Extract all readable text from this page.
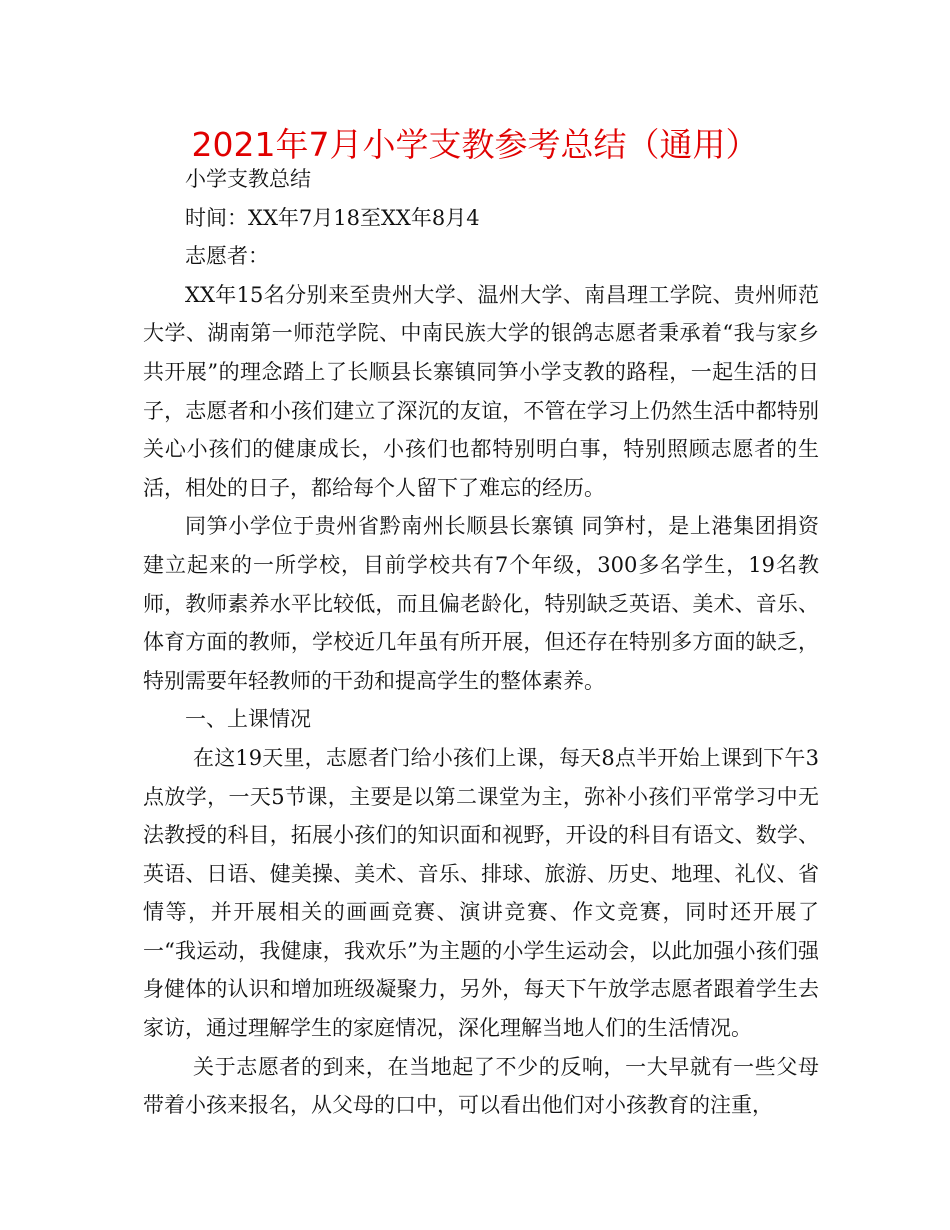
2021年7月小学支教参考总结（通用）

小学支教总结

时间：XX年7月18至XX年8月4

志愿者：

XX年15名分别来至贵州大学、温州大学、南昌理工学院、贵州师范大学、湖南第一师范学院、中南民族大学的银鸽志愿者秉承着“我与家乡共开展”的理念踏上了长顺县长寨镇同笋小学支教的路程，一起生活的日子，志愿者和小孩们建立了深沉的友谊，不管在学习上仍然生活中都特别关心小孩们的健康成长，小孩们也都特别明白事，特别照顾志愿者的生活，相处的日子，都给每个人留下了难忘的经历。

同笋小学位于贵州省黔南州长顺县长寨镇 同笋村，是上港集团捐资建立起来的一所学校，目前学校共有7个年级，300多名学生，19名教师，教师素养水平比较低，而且偏老龄化，特别缺乏英语、美术、音乐、体育方面的教师，学校近几年虽有所开展，但还存在特别多方面的缺乏，特别需要年轻教师的干劲和提高学生的整体素养。

一、上课情况

在这19天里，志愿者门给小孩们上课，每天8点半开始上课到下午3点放学，一天5节课，主要是以第二课堂为主，弥补小孩们平常学习中无法教授的科目，拓展小孩们的知识面和视野，开设的科目有语文、数学、英语、日语、健美操、美术、音乐、排球、旅游、历史、地理、礼仪、省情等，并开展相关的画画竞赛、演讲竞赛、作文竞赛，同时还开展了一“我运动，我健康，我欢乐”为主题的小学生运动会，以此加强小孩们强身健体的认识和增加班级凝聚力，另外，每天下午放学志愿者跟着学生去家访，通过理解学生的家庭情况，深化理解当地人们的生活情况。

关于志愿者的到来，在当地起了不少的反响，一大早就有一些父母 带着小孩来报名，从父母的口中，可以看出他们对小孩教育的注重，
